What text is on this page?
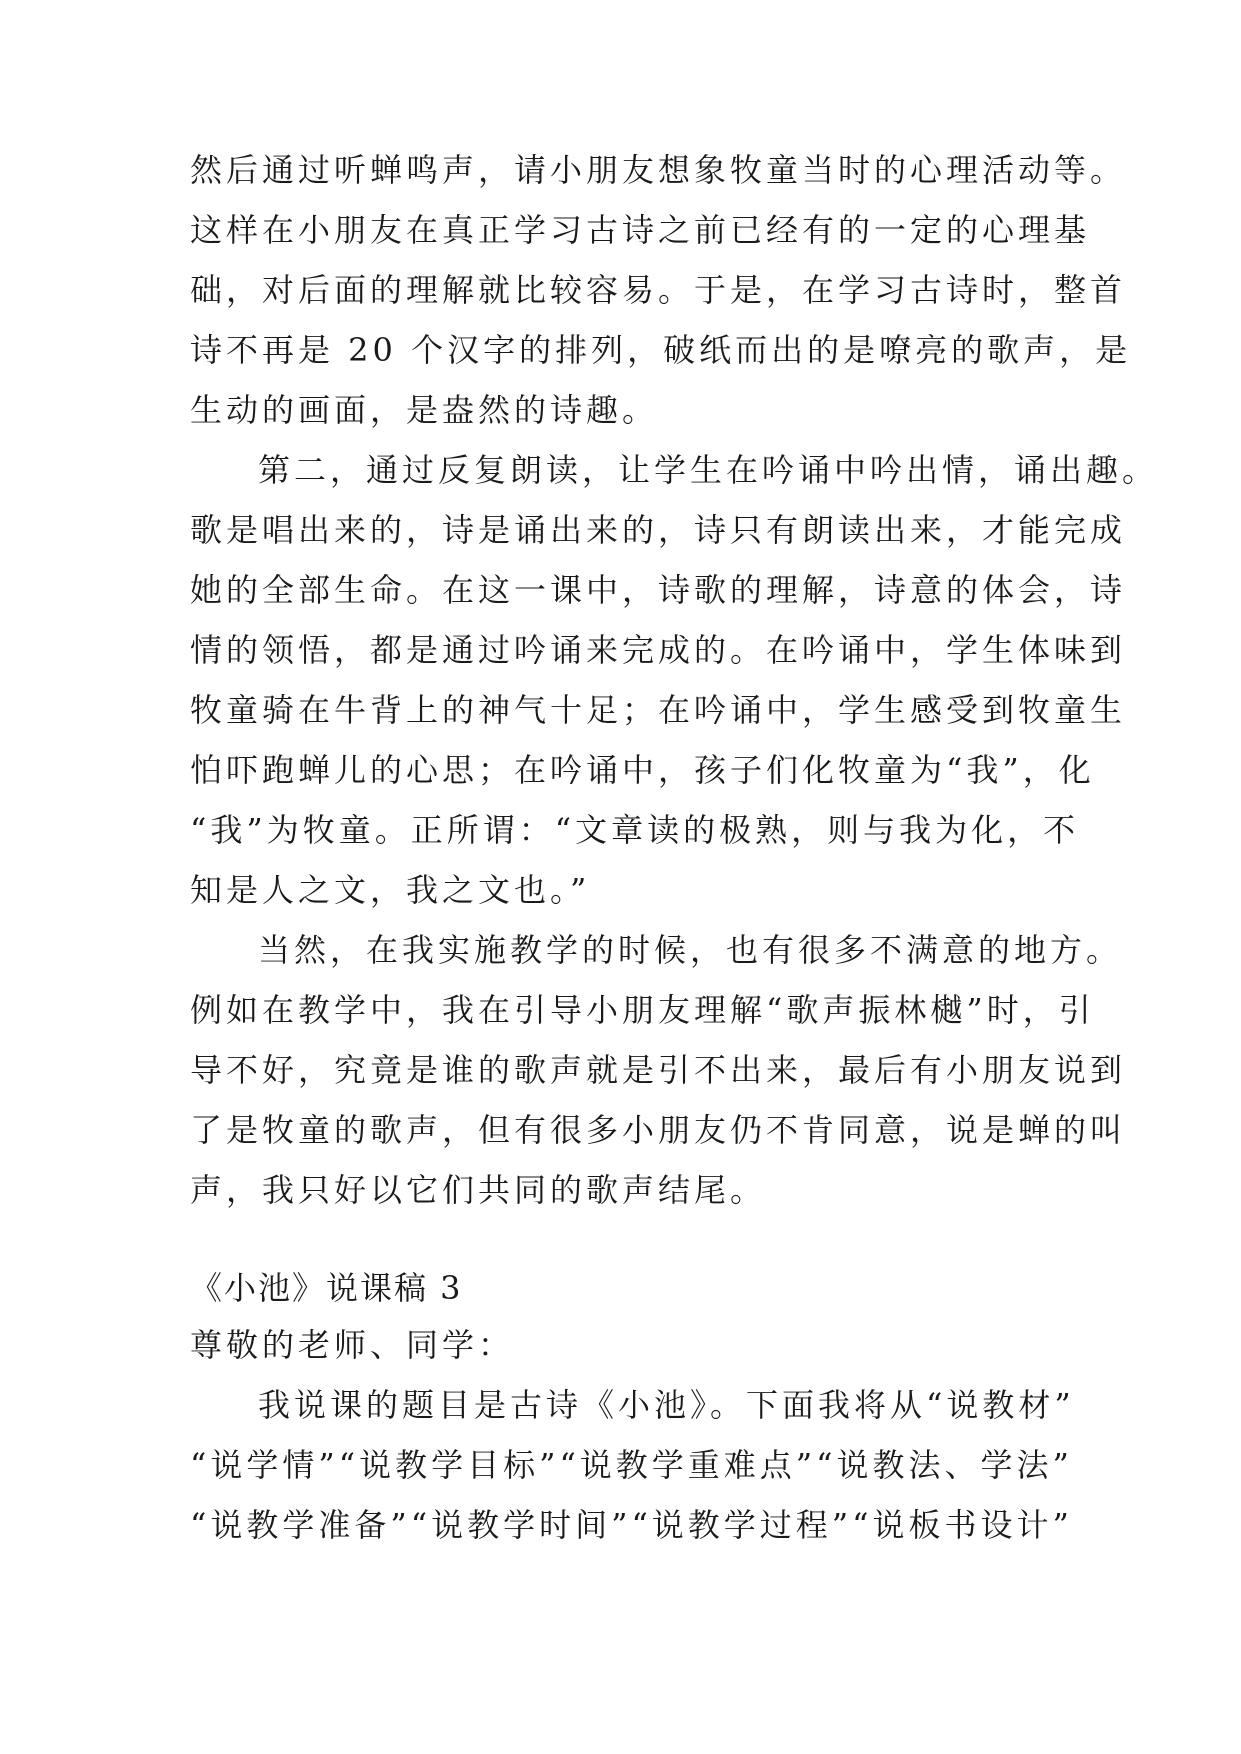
然后通过听蝉鸣声，请小朋友想象牧童当时的心理活动等。
这样在小朋友在真正学习古诗之前已经有的一定的心理基
础，对后面的理解就比较容易。于是，在学习古诗时，整首
诗不再是 20 个汉字的排列，破纸而出的是嘹亮的歌声，是
生动的画面，是盎然的诗趣。
第二，通过反复朗读，让学生在吟诵中吟出情，诵出趣。
歌是唱出来的，诗是诵出来的，诗只有朗读出来，才能完成
她的全部生命。在这一课中，诗歌的理解，诗意的体会，诗
情的领悟，都是通过吟诵来完成的。在吟诵中，学生体味到
牧童骑在牛背上的神气十足；在吟诵中，学生感受到牧童生
怕吓跑蝉儿的心思；在吟诵中，孩子们化牧童为“我”，化
“我”为牧童。正所谓：“文章读的极熟，则与我为化，不
知是人之文，我之文也。”
当然，在我实施教学的时候，也有很多不满意的地方。
例如在教学中，我在引导小朋友理解“歌声振林樾”时，引
导不好，究竟是谁的歌声就是引不出来，最后有小朋友说到
了是牧童的歌声，但有很多小朋友仍不肯同意，说是蝉的叫
声，我只好以它们共同的歌声结尾。
《小池》说课稿 3
尊敬的老师、同学：
我说课的题目是古诗《小池》。下面我将从“说教材”
“说学情”“说教学目标”“说教学重难点”“说教法、学法”
“说教学准备”“说教学时间”“说教学过程”“说板书设计”
